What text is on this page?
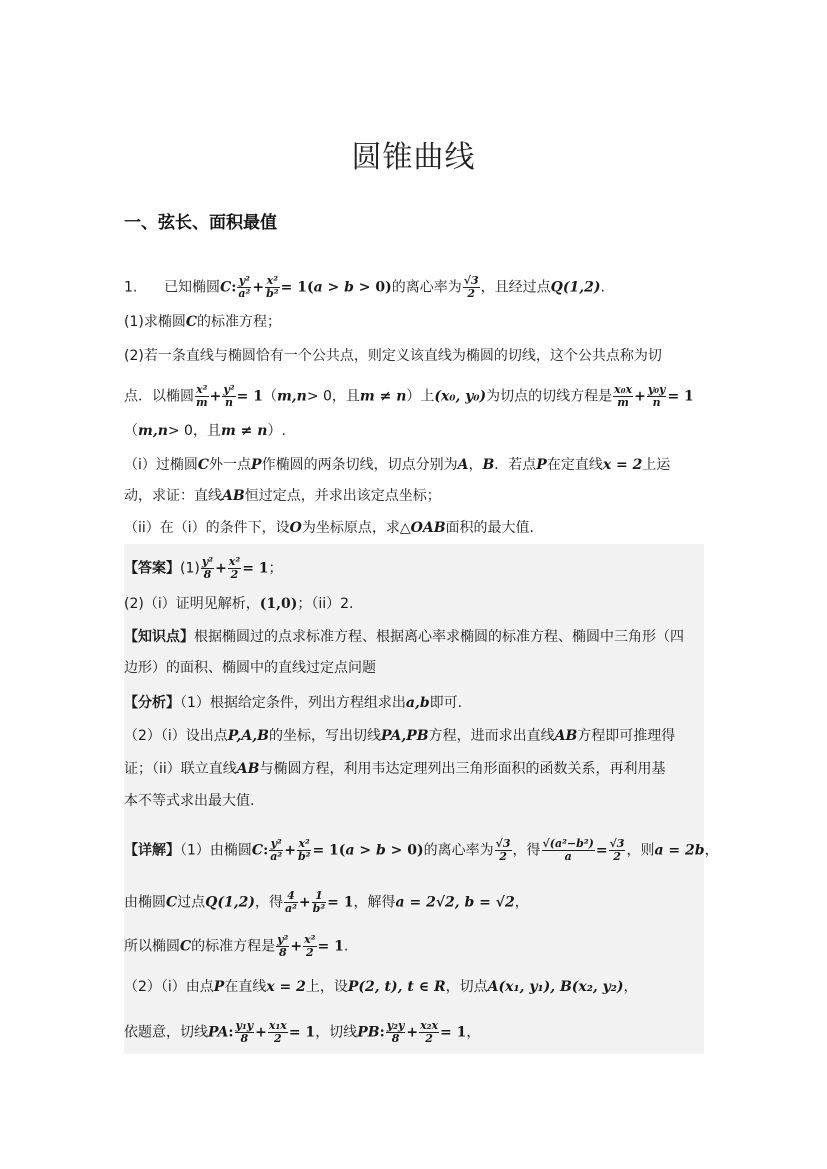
圆锥曲线
一、弦长、面积最值
1. 已知椭圆C: $\frac{\text{y²}}{\text{a²}} + \frac{\text{x²}}{\text{b²}} = 1(a > b > 0)$的离心率为 $\frac{√3}{2}$ ，且经过点Q(1,2).
(1)求椭圆C的标准方程；
(2)若一条直线与椭圆恰有一个公共点，则定义该直线为椭圆的切线，这个公共点称为切
点．以椭圆 $\frac{\text{x²}}{m} + \frac{\text{y²}}{n} = 1(m,n> 0$，且m ≠ n）上(x₀, y₀)为切点的切线方程是 $\frac{\text{x₀x}}{m} + \frac{\text{y₀y}}{n} = 1$
（m,n> 0，且m ≠ n）.
（i）过椭圆C外一点P作椭圆的两条切线，切点分别为A，B．若点P在定直线x = 2上运
动，求证：直线AB恒过定点，并求出该定点坐标；
（ii）在（i）的条件下，设O为坐标原点，求△OAB面积的最大值．
【答案】$(1) \frac{\text{y²}}{8} + \frac{\text{x²}}{2} = 1$；
(2)（i）证明见解析，(1,0)；（ii）2.
【知识点】根据椭圆过的点求标准方程、根据离心率求椭圆的标准方程、椭圆中三角形（四
边形）的面积、椭圆中的直线过定点问题
【分析】（1）根据给定条件，列出方程组求出a,b即可.
（2）（i）设出点P,A,B的坐标，写出切线PA,PB方程，进而求出直线AB方程即可推理得
证；（ii）联立直线AB与椭圆方程，利用韦达定理列出三角形面积的函数关系，再利用基
本不等式求出最大值.
【详解】（1）由椭圆C: $\frac{\text{y²}}{\text{a²}} + \frac{\text{x²}}{\text{b²}} = 1(a > b > 0)$的离心率为 $\frac{√3}{2}$ ，得 $\frac{\text{√(a²−b²)}}{a} = \frac{√3}{2}$ ，则a = 2b，
由椭圆C过点Q(1,2)，得 $\frac{4}{\text{a²}} + \frac{1}{\text{b²}} = 1$，解得a = 2√2, b = √2，
所以椭圆C的标准方程是 $\frac{\text{y²}}{8} + \frac{\text{x²}}{2} = 1$.
（2）（i）由点P在直线x = 2上，设P(2, t), t ∈ R，切点A(x₁, y₁), B(x₂, y₂)，
依题意，切线PA: $\frac{\text{y₁y}}{8} + \frac{\text{x₁x}}{2} = 1$，切线PB: $\frac{\text{y₂y}}{8} + \frac{\text{x₂x}}{2} = 1$，
